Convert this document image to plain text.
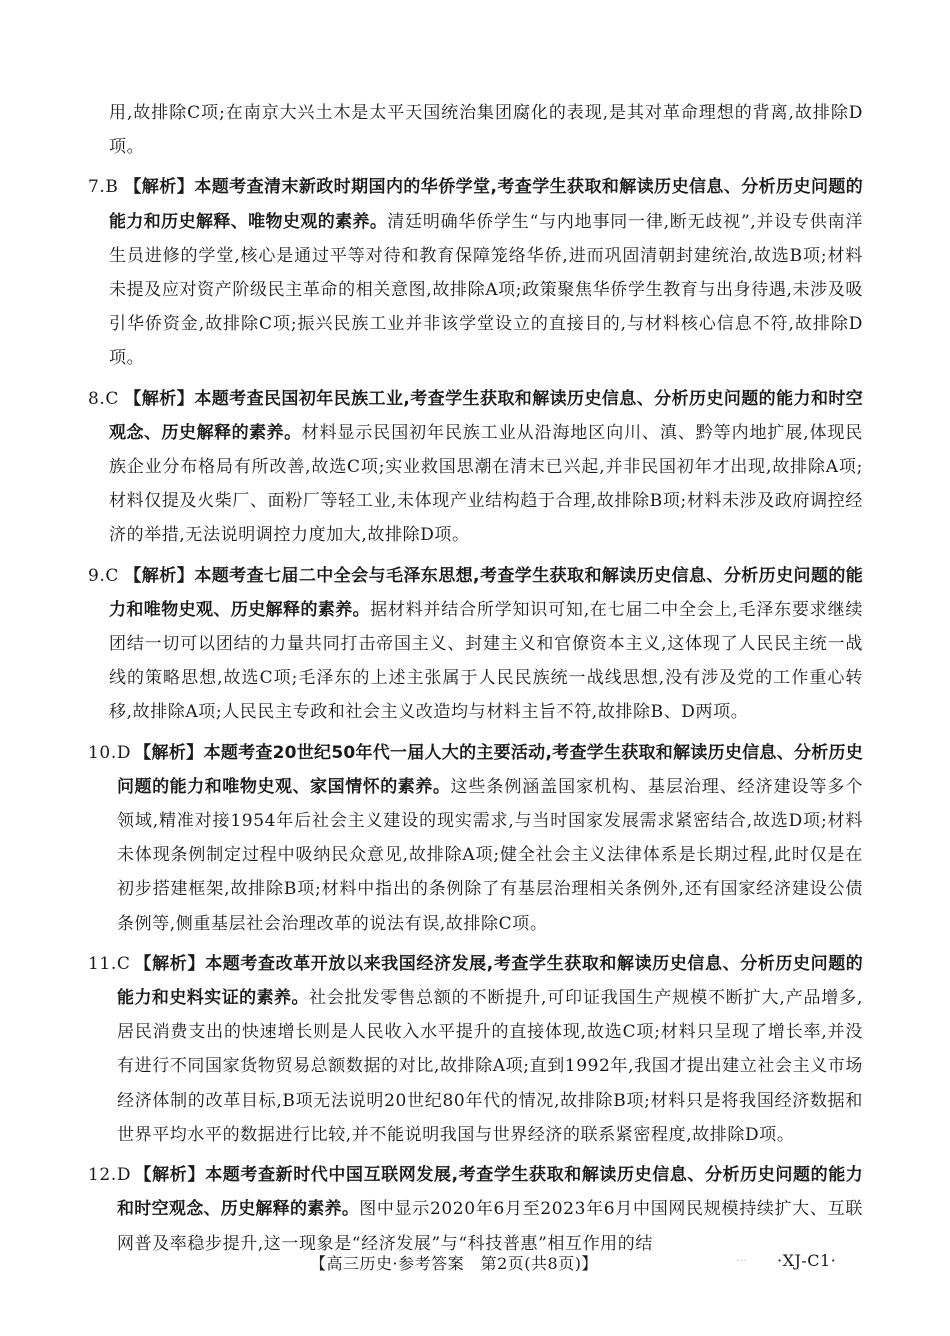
用,故排除C项;在南京大兴土木是太平天国统治集团腐化的表现,是其对革命理想的背离,故排除D项。

7.B 【解析】本题考查清末新政时期国内的华侨学堂,考查学生获取和解读历史信息、分析历史问题的能力和历史解释、唯物史观的素养。清廷明确华侨学生“与内地事同一律,断无歧视”,并设专供南洋生员进修的学堂,核心是通过平等对待和教育保障笼络华侨,进而巩固清朝封建统治,故选B项;材料未提及应对资产阶级民主革命的相关意图,故排除A项;政策聚焦华侨学生教育与出身待遇,未涉及吸引华侨资金,故排除C项;振兴民族工业并非该学堂设立的直接目的,与材料核心信息不符,故排除D项。

8.C 【解析】本题考查民国初年民族工业,考查学生获取和解读历史信息、分析历史问题的能力和时空观念、历史解释的素养。材料显示民国初年民族工业从沿海地区向川、滇、黔等内地扩展,体现民族企业分布格局有所改善,故选C项;实业救国思潮在清末已兴起,并非民国初年才出现,故排除A项;材料仅提及火柴厂、面粉厂等轻工业,未体现产业结构趋于合理,故排除B项;材料未涉及政府调控经济的举措,无法说明调控力度加大,故排除D项。

9.C 【解析】本题考查七届二中全会与毛泽东思想,考查学生获取和解读历史信息、分析历史问题的能力和唯物史观、历史解释的素养。据材料并结合所学知识可知,在七届二中全会上,毛泽东要求继续团结一切可以团结的力量共同打击帝国主义、封建主义和官僚资本主义,这体现了人民民主统一战线的策略思想,故选C项;毛泽东的上述主张属于人民民族统一战线思想,没有涉及党的工作重心转移,故排除A项;人民民主专政和社会主义改造均与材料主旨不符,故排除B、D两项。

10.D 【解析】本题考查20世纪50年代一届人大的主要活动,考查学生获取和解读历史信息、分析历史问题的能力和唯物史观、家国情怀的素养。这些条例涵盖国家机构、基层治理、经济建设等多个领域,精准对接1954年后社会主义建设的现实需求,与当时国家发展需求紧密结合,故选D项;材料未体现条例制定过程中吸纳民众意见,故排除A项;健全社会主义法律体系是长期过程,此时仅是在初步搭建框架,故排除B项;材料中指出的条例除了有基层治理相关条例外,还有国家经济建设公债条例等,侧重基层社会治理改革的说法有误,故排除C项。

11.C 【解析】本题考查改革开放以来我国经济发展,考查学生获取和解读历史信息、分析历史问题的能力和史料实证的素养。社会批发零售总额的不断提升,可印证我国生产规模不断扩大,产品增多,居民消费支出的快速增长则是人民收入水平提升的直接体现,故选C项;材料只呈现了增长率,并没有进行不同国家货物贸易总额数据的对比,故排除A项;直到1992年,我国才提出建立社会主义市场经济体制的改革目标,B项无法说明20世纪80年代的情况,故排除B项;材料只是将我国经济数据和世界平均水平的数据进行比较,并不能说明我国与世界经济的联系紧密程度,故排除D项。

12.D 【解析】本题考查新时代中国互联网发展,考查学生获取和解读历史信息、分析历史问题的能力和时空观念、历史解释的素养。图中显示2020年6月至2023年6月中国网民规模持续扩大、互联网普及率稳步提升,这一现象是“经济发展”与“科技普惠”相互作用的结

【高三历史·参考答案　第2页(共8页)】	... ·XJ-C1·
